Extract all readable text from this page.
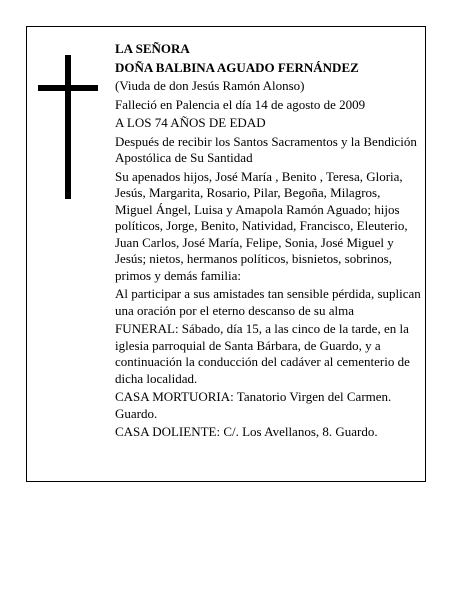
LA SEÑORA

DOÑA BALBINA AGUADO FERNÁNDEZ

(Viuda de don Jesús Ramón Alonso)

Falleció en Palencia el día 14 de agosto de 2009

A LOS 74 AÑOS DE EDAD

Después de recibir los Santos Sacramentos y la Bendición Apostólica de Su Santidad

Su apenados hijos, José María , Benito , Teresa, Gloria, Jesús, Margarita, Rosario, Pilar, Begoña, Milagros, Miguel Ángel, Luisa y Amapola Ramón Aguado; hijos políticos, Jorge, Benito, Natividad, Francisco, Eleuterio, Juan Carlos, José María, Felipe, Sonia, José Miguel y Jesús; nietos, hermanos políticos, bisnietos, sobrinos, primos y demás familia:

Al participar a sus amistades tan sensible pérdida, suplican una oración por el eterno descanso de su alma

FUNERAL: Sábado, día 15, a las cinco de la tarde, en la iglesia parroquial de Santa Bárbara, de Guardo, y a continuación la conducción del cadáver al cementerio de dicha localidad.

CASA MORTUORIA: Tanatorio Virgen del Carmen. Guardo.

CASA DOLIENTE: C/. Los Avellanos, 8. Guardo.
